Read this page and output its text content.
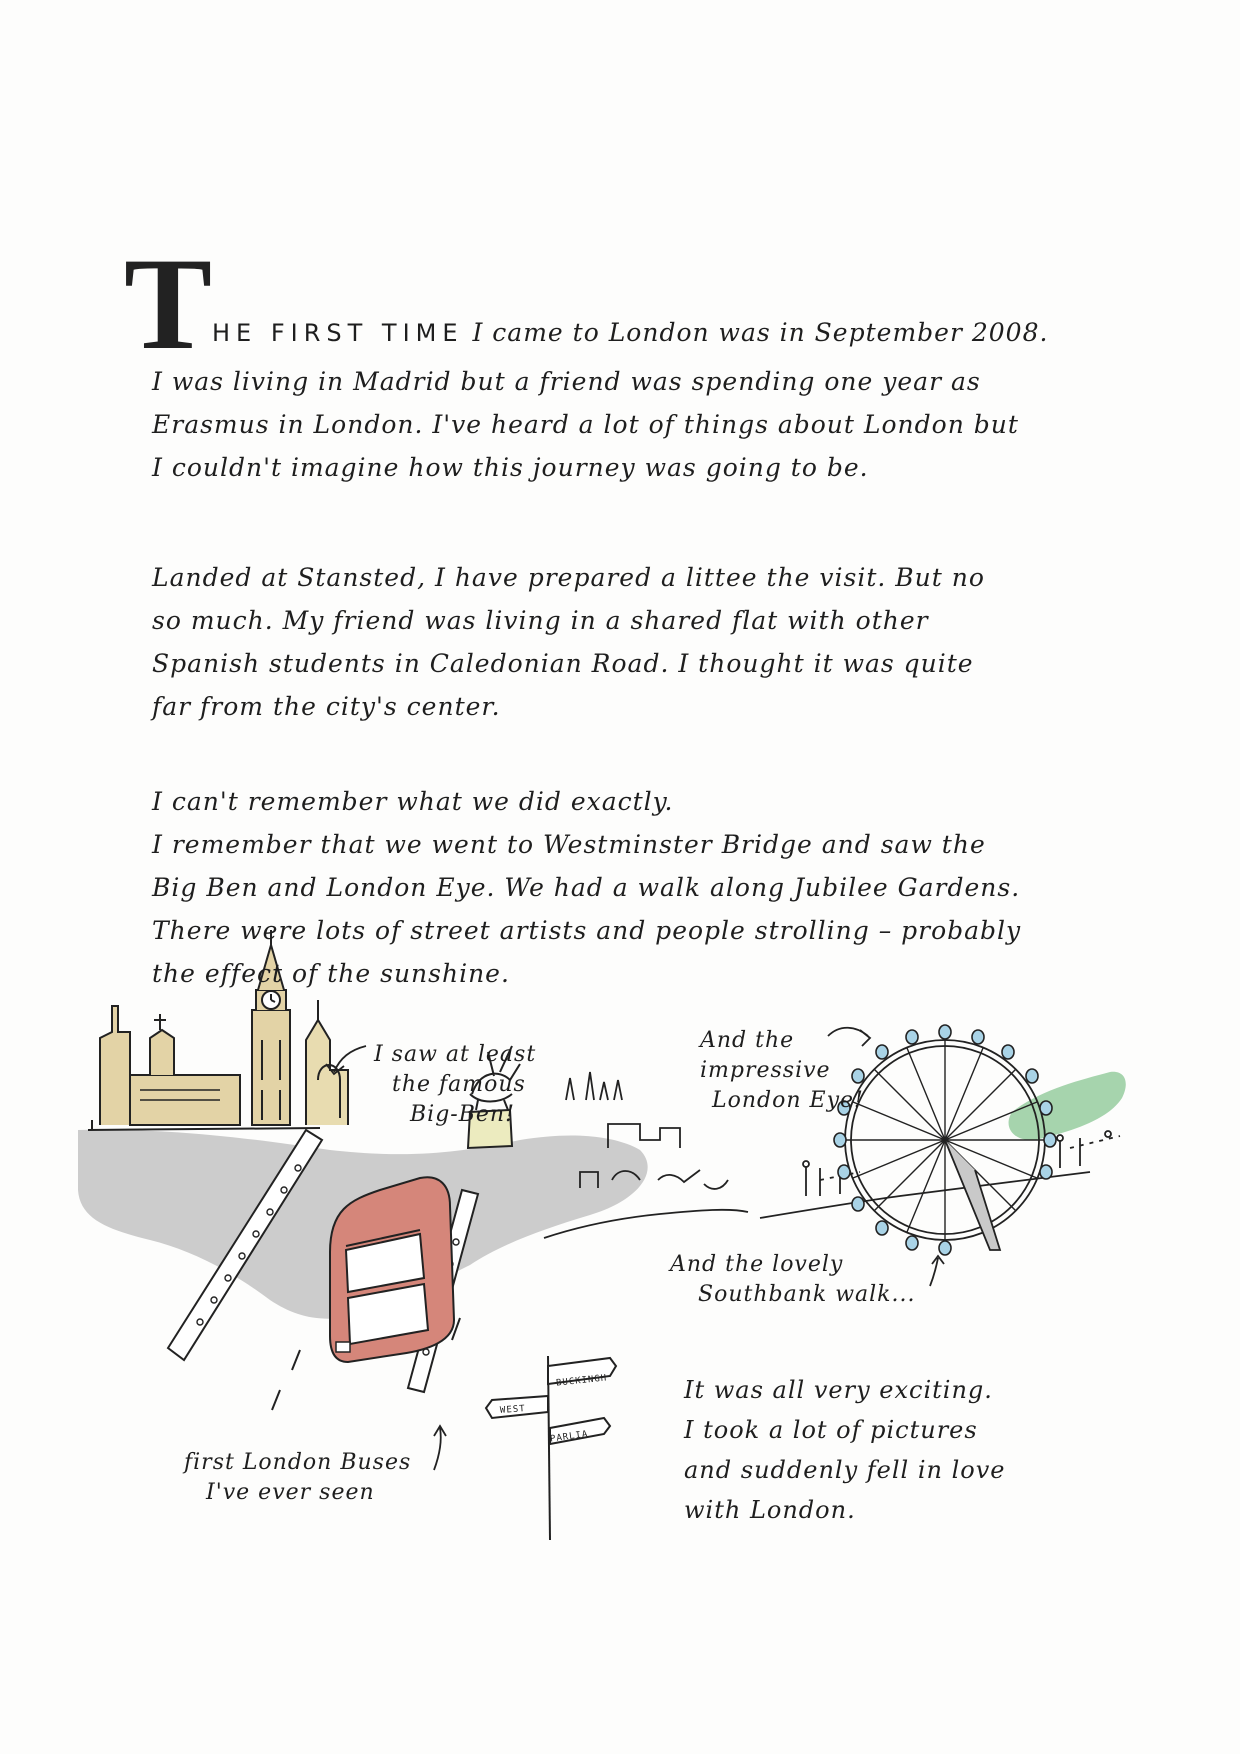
T HE FIRST TIME I came to London was in September 2008.

I was living in Madrid but a friend was spending one year as
Erasmus in London. I've heard a lot of things about London but
I couldn't imagine how this journey was going to be.

Landed at Stansted, I have prepared a littee the visit. But no
so much. My friend was living in a shared flat with other
Spanish students in Caledonian Road. I thought it was quite
far from the city's center.

I can't remember what we did exactly.
I remember that we went to Westminster Bridge and saw the
Big Ben and London Eye. We had a walk along Jubilee Gardens.
There were lots of street artists and people strolling – probably
the effect of the sunshine.

I saw at least
the famous
Big-Ben!

And the
impressive
London Eye!

And the lovely
Southbank walk...

first London Buses
I've ever seen

It was all very exciting.
I took a lot of pictures
and suddenly fell in love
with London.

BUCKINGH
WEST
PARLIA
